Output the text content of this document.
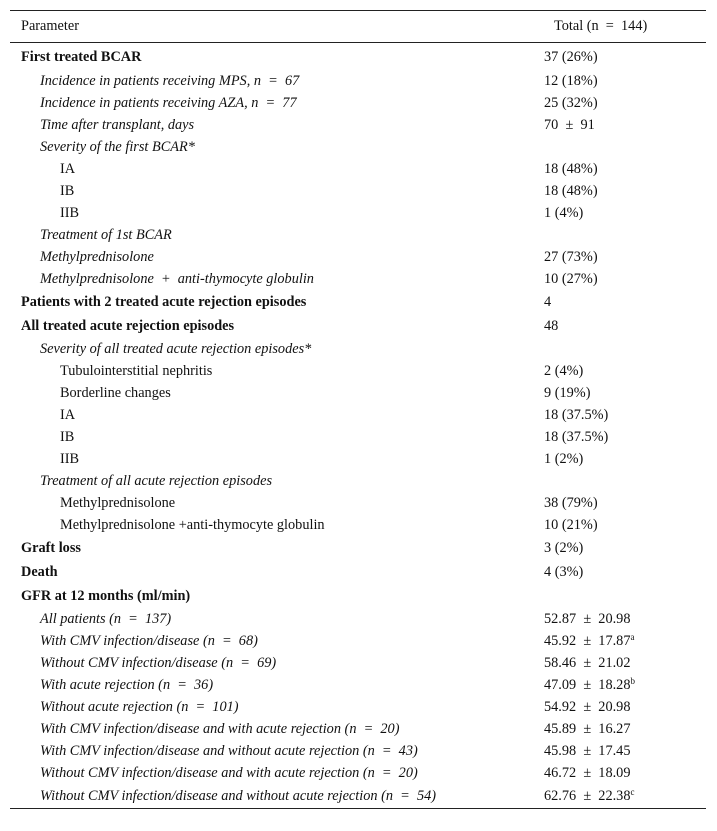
Parameter	Total (n = 144)
First treated BCAR	37 (26%)
Incidence in patients receiving MPS, n = 67	12 (18%)
Incidence in patients receiving AZA, n = 77	25 (32%)
Time after transplant, days	70 ± 91
Severity of the first BCAR*	
IA	18 (48%)
IB	18 (48%)
IIB	1 (4%)
Treatment of 1st BCAR	
Methylprednisolone	27 (73%)
Methylprednisolone + anti-thymocyte globulin	10 (27%)
Patients with 2 treated acute rejection episodes	4
All treated acute rejection episodes	48
Severity of all treated acute rejection episodes*	
Tubulointerstitial nephritis	2 (4%)
Borderline changes	9 (19%)
IA	18 (37.5%)
IB	18 (37.5%)
IIB	1 (2%)
Treatment of all acute rejection episodes	
Methylprednisolone	38 (79%)
Methylprednisolone +anti-thymocyte globulin	10 (21%)
Graft loss	3 (2%)
Death	4 (3%)
GFR at 12 months (ml/min)	
All patients (n = 137)	52.87 ± 20.98
With CMV infection/disease (n = 68)	45.92 ± 17.87$^a$
Without CMV infection/disease (n = 69)	58.46 ± 21.02
With acute rejection (n = 36)	47.09 ± 18.28$^b$
Without acute rejection (n = 101)	54.92 ± 20.98
With CMV infection/disease and with acute rejection (n = 20)	45.89 ± 16.27
With CMV infection/disease and without acute rejection (n = 43)	45.98 ± 17.45
Without CMV infection/disease and with acute rejection (n = 20)	46.72 ± 18.09
Without CMV infection/disease and without acute rejection (n = 54)	62.76 ± 22.38$^c$
